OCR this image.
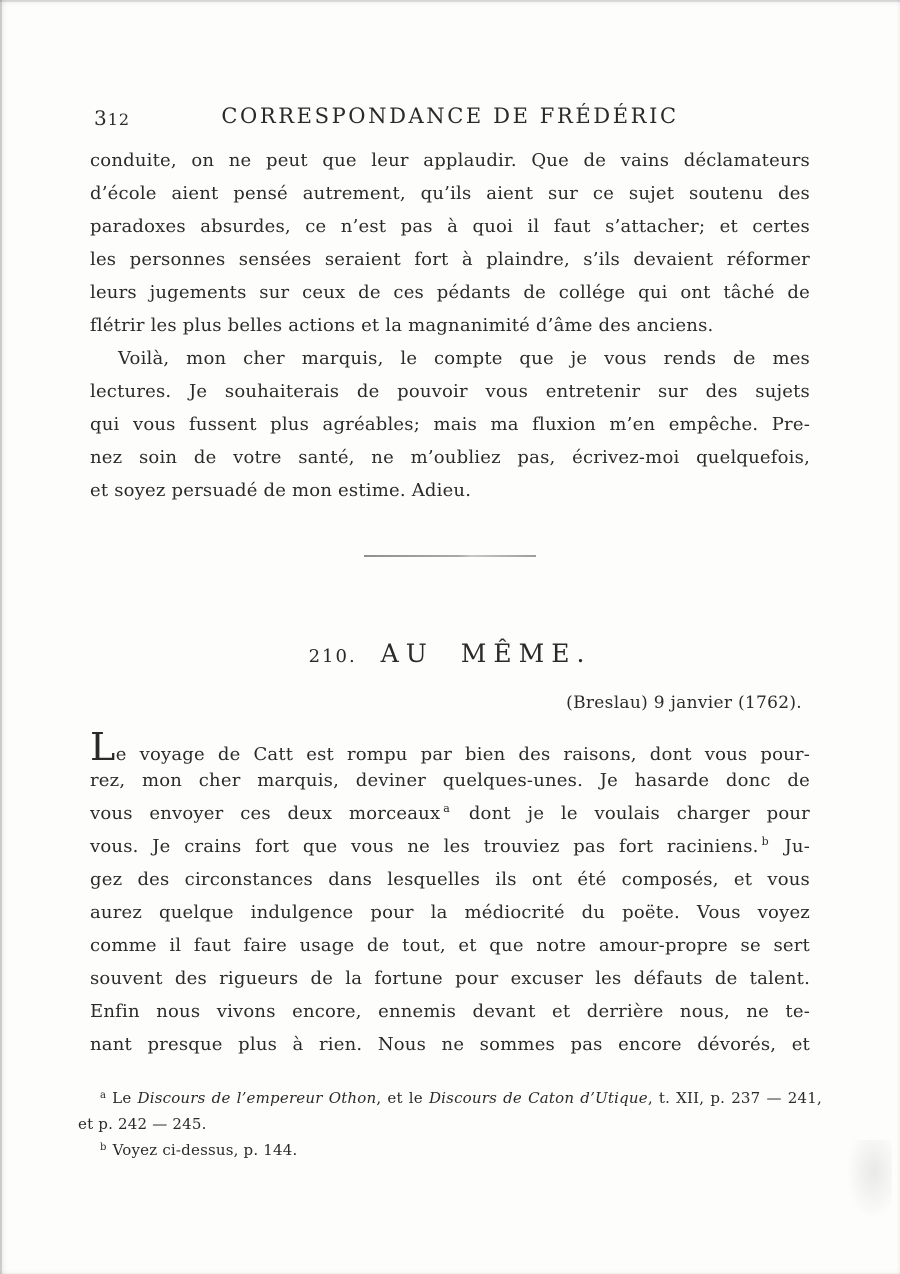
312	CORRESPONDANCE DE FRÉDÉRIC
conduite, on ne peut que leur applaudir. Que de vains déclamateurs
d’école aient pensé autrement, qu’ils aient sur ce sujet soutenu des
paradoxes absurdes, ce n’est pas à quoi il faut s’attacher; et certes
les personnes sensées seraient fort à plaindre, s’ils devaient réformer
leurs jugements sur ceux de ces pédants de collége qui ont tâché de
flétrir les plus belles actions et la magnanimité d’âme des anciens.
Voilà, mon cher marquis, le compte que je vous rends de mes
lectures. Je souhaiterais de pouvoir vous entretenir sur des sujets
qui vous fussent plus agréables; mais ma fluxion m’en empêche. Pre-
nez soin de votre santé, ne m’oubliez pas, écrivez-moi quelquefois,
et soyez persuadé de mon estime. Adieu.
210. AU MÊME.
(Breslau) 9 janvier (1762).
Le voyage de Catt est rompu par bien des raisons, dont vous pour-
rez, mon cher marquis, deviner quelques-unes. Je hasarde donc de
vous envoyer ces deux morceaux $^a$ dont je le voulais charger pour
vous. Je crains fort que vous ne les trouviez pas fort raciniens. $^b$ Ju-
gez des circonstances dans lesquelles ils ont été composés, et vous
aurez quelque indulgence pour la médiocrité du poëte. Vous voyez
comme il faut faire usage de tout, et que notre amour-propre se sert
souvent des rigueurs de la fortune pour excuser les défauts de talent.
Enfin nous vivons encore, ennemis devant et derrière nous, ne te-
nant presque plus à rien. Nous ne sommes pas encore dévorés, et
$^a$ Le Discours de l’empereur Othon, et le Discours de Caton d’Utique, t. XII, p. 237 — 241,
et p. 242 — 245.
$^b$ Voyez ci-dessus, p. 144.
